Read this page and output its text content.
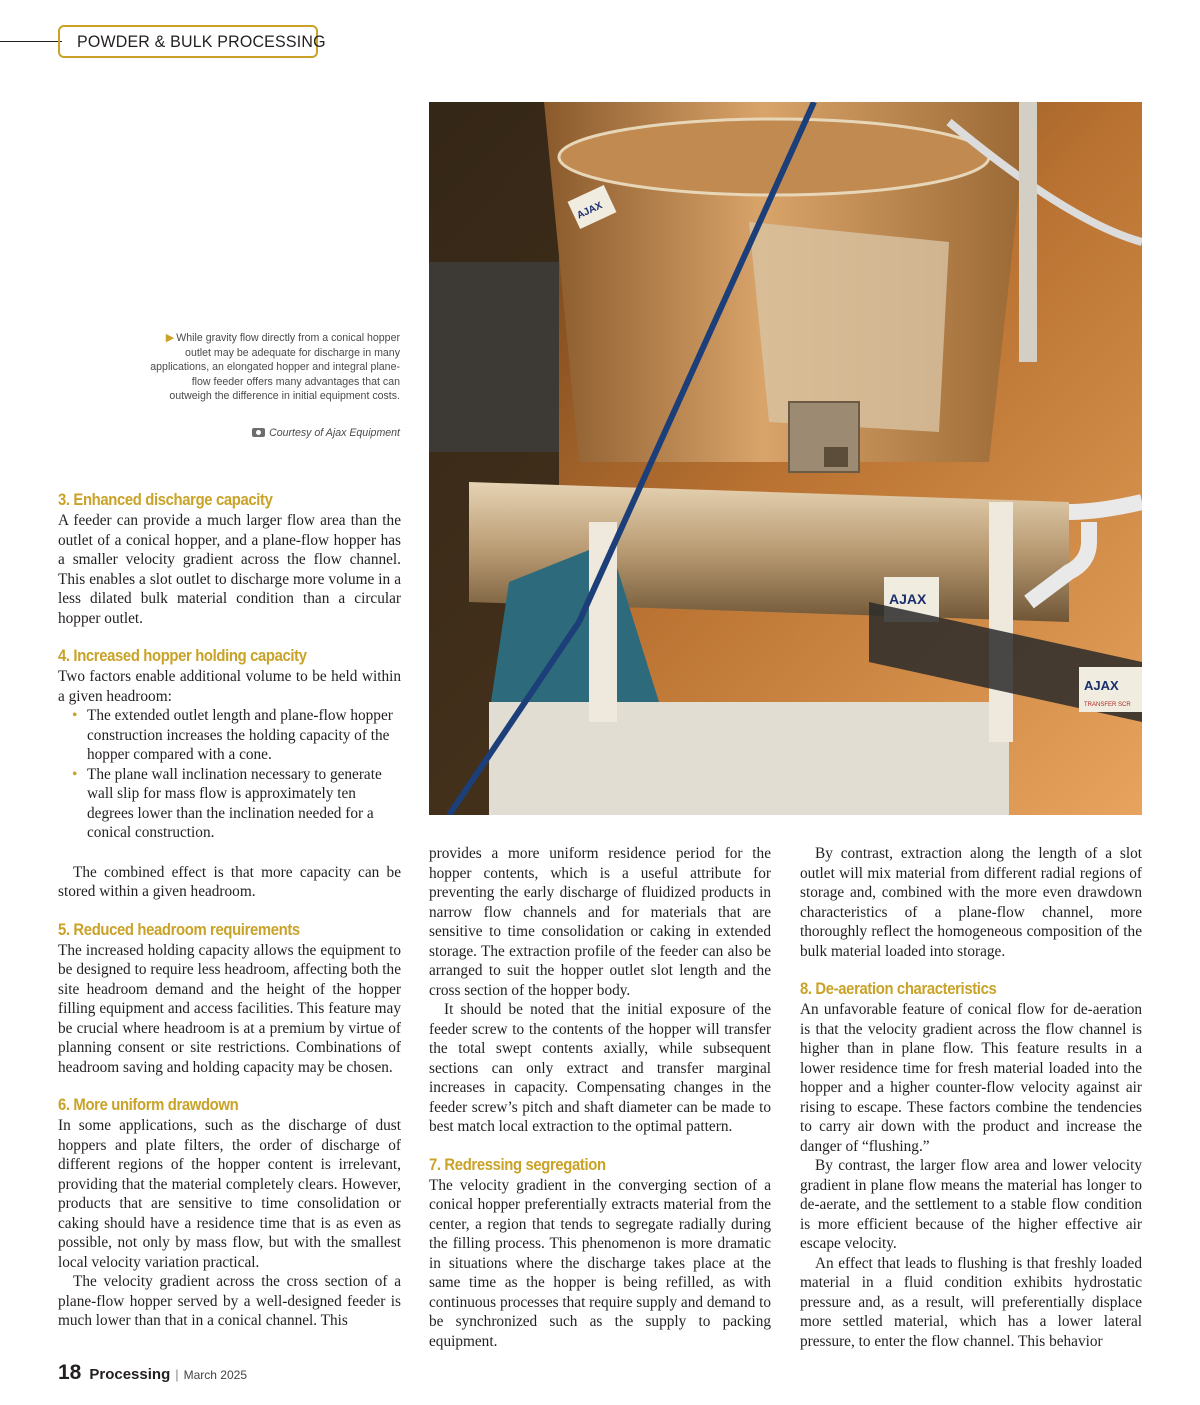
POWDER & BULK PROCESSING
AJAX
AJAX
AJAX
TRANSFER SCR
▶ While gravity flow directly from a conical hopper outlet may be adequate for discharge in many applications, an elongated hopper and integral plane-flow feeder offers many advantages that can outweigh the difference in initial equipment costs.
Courtesy of Ajax Equipment

3. Enhanced discharge capacity

A feeder can provide a much larger flow area than the outlet of a conical hopper, and a plane-flow hopper has a smaller velocity gradient across the flow channel. This enables a slot outlet to discharge more volume in a less dilated bulk material condition than a circular hopper outlet.

4. Increased hopper holding capacity

Two factors enable additional volume to be held within a given headroom:

• The extended outlet length and plane-flow hopper construction increases the holding capacity of the hopper compared with a cone.
• The plane wall inclination necessary to generate wall slip for mass flow is approximately ten degrees lower than the inclination needed for a conical construction.

The combined effect is that more capacity can be stored within a given headroom.

5. Reduced headroom requirements

The increased holding capacity allows the equipment to be designed to require less headroom, affecting both the site headroom demand and the height of the hopper filling equipment and access facilities. This feature may be crucial where headroom is at a premium by virtue of planning consent or site restrictions. Combinations of headroom saving and holding capacity may be chosen.

6. More uniform drawdown

In some applications, such as the discharge of dust hoppers and plate filters, the order of discharge of different regions of the hopper content is irrelevant, providing that the material completely clears. However, products that are sensitive to time consolidation or caking should have a residence time that is as even as possible, not only by mass flow, but with the smallest local velocity variation practical.

The velocity gradient across the cross section of a plane-flow hopper served by a well-designed feeder is much lower than that in a conical channel. This

provides a more uniform residence period for the hopper contents, which is a useful attribute for preventing the early discharge of fluidized products in narrow flow channels and for materials that are sensitive to time consolidation or caking in extended storage. The extraction profile of the feeder can also be arranged to suit the hopper outlet slot length and the cross section of the hopper body.

It should be noted that the initial exposure of the feeder screw to the contents of the hopper will transfer the total swept contents axially, while subsequent sections can only extract and transfer marginal increases in capacity. Compensating changes in the feeder screw’s pitch and shaft diameter can be made to best match local extraction to the optimal pattern.

7. Redressing segregation

The velocity gradient in the converging section of a conical hopper preferentially extracts material from the center, a region that tends to segregate radially during the filling process. This phenomenon is more dramatic in situations where the discharge takes place at the same time as the hopper is being refilled, as with continuous processes that require supply and demand to be synchronized such as the supply to packing equipment.

By contrast, extraction along the length of a slot outlet will mix material from different radial regions of storage and, combined with the more even drawdown characteristics of a plane-flow channel, more thoroughly reflect the homogeneous composition of the bulk material loaded into storage.

8. De-aeration characteristics

An unfavorable feature of conical flow for de-aeration is that the velocity gradient across the flow channel is higher than in plane flow. This feature results in a lower residence time for fresh material loaded into the hopper and a higher counter-flow velocity against air rising to escape. These factors combine the tendencies to carry air down with the product and increase the danger of “flushing.”

By contrast, the larger flow area and lower velocity gradient in plane flow means the material has longer to de-aerate, and the settlement to a stable flow condition is more efficient because of the higher effective air escape velocity.

An effect that leads to flushing is that freshly loaded material in a fluid condition exhibits hydrostatic pressure and, as a result, will preferentially displace more settled material, which has a lower lateral pressure, to enter the flow channel. This behavior

18 Processing | March 2025
